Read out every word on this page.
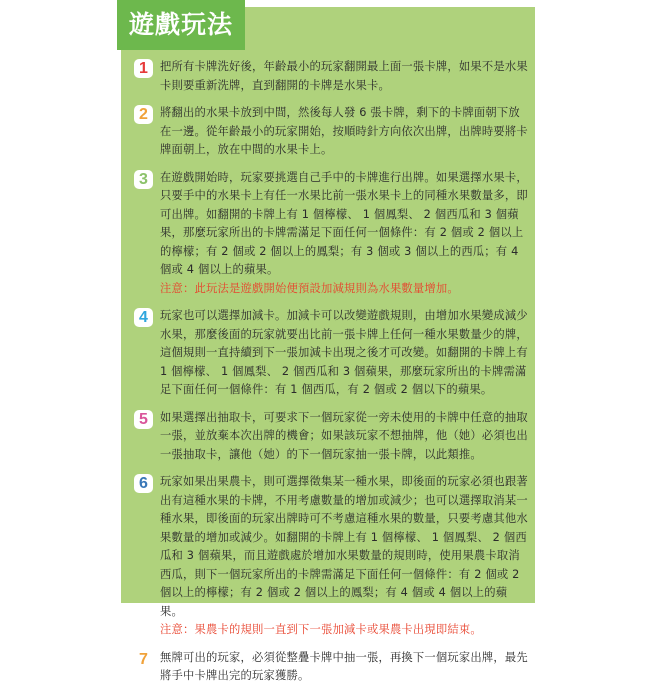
遊戲玩法
1	把所有卡牌洗好後，年齡最小的玩家翻開最上面一張卡牌，如果不是水果卡則要重新洗牌，直到翻開的卡牌是水果卡。
2	將翻出的水果卡放到中間，然後每人發 6 張卡牌，剩下的卡牌面朝下放在一邊。從年齡最小的玩家開始，按順時針方向依次出牌，出牌時要將卡牌面朝上，放在中間的水果卡上。
3	在遊戲開始時，玩家要挑選自己手中的卡牌進行出牌。如果選擇水果卡，只要手中的水果卡上有任一水果比前一張水果卡上的同種水果數量多，即可出牌。如翻開的卡牌上有 1 個檸檬、 1 個鳳梨、 2 個西瓜和 3 個蘋果，那麼玩家所出的卡牌需滿足下面任何一個條件：有 2 個或 2 個以上的檸檬；有 2 個或 2 個以上的鳳梨；有 3 個或 3 個以上的西瓜；有 4 個或 4 個以上的蘋果。
注意：此玩法是遊戲開始便預設加減規則為水果數量增加。
4	玩家也可以選擇加減卡。加減卡可以改變遊戲規則，由增加水果變成減少水果，那麼後面的玩家就要出比前一張卡牌上任何一種水果數量少的牌，這個規則一直持續到下一張加減卡出現之後才可改變。如翻開的卡牌上有 1 個檸檬、 1 個鳳梨、 2 個西瓜和 3 個蘋果，那麼玩家所出的卡牌需滿足下面任何一個條件：有 1 個西瓜，有 2 個或 2 個以下的蘋果。
5	如果選擇出抽取卡，可要求下一個玩家從一旁未使用的卡牌中任意的抽取一張，並放棄本次出牌的機會；如果該玩家不想抽牌，他（她）必須也出一張抽取卡，讓他（她）的下一個玩家抽一張卡牌，以此類推。
6	玩家如果出果農卡，則可選擇徵集某一種水果，即後面的玩家必須也跟著出有這種水果的卡牌，不用考慮數量的增加或減少；也可以選擇取消某一種水果，即後面的玩家出牌時可不考慮這種水果的數量，只要考慮其他水果數量的增加或減少。如翻開的卡牌上有 1 個檸檬、 1 個鳳梨、 2 個西瓜和 3 個蘋果，而且遊戲處於增加水果數量的規則時，使用果農卡取消西瓜，則下一個玩家所出的卡牌需滿足下面任何一個條件：有 2 個或 2 個以上的檸檬；有 2 個或 2 個以上的鳳梨；有 4 個或 4 個以上的蘋果。
注意：果農卡的規則一直到下一張加減卡或果農卡出現即結束。
7	無牌可出的玩家，必須從整疊卡牌中抽一張，再換下一個玩家出牌，最先將手中卡牌出完的玩家獲勝。
